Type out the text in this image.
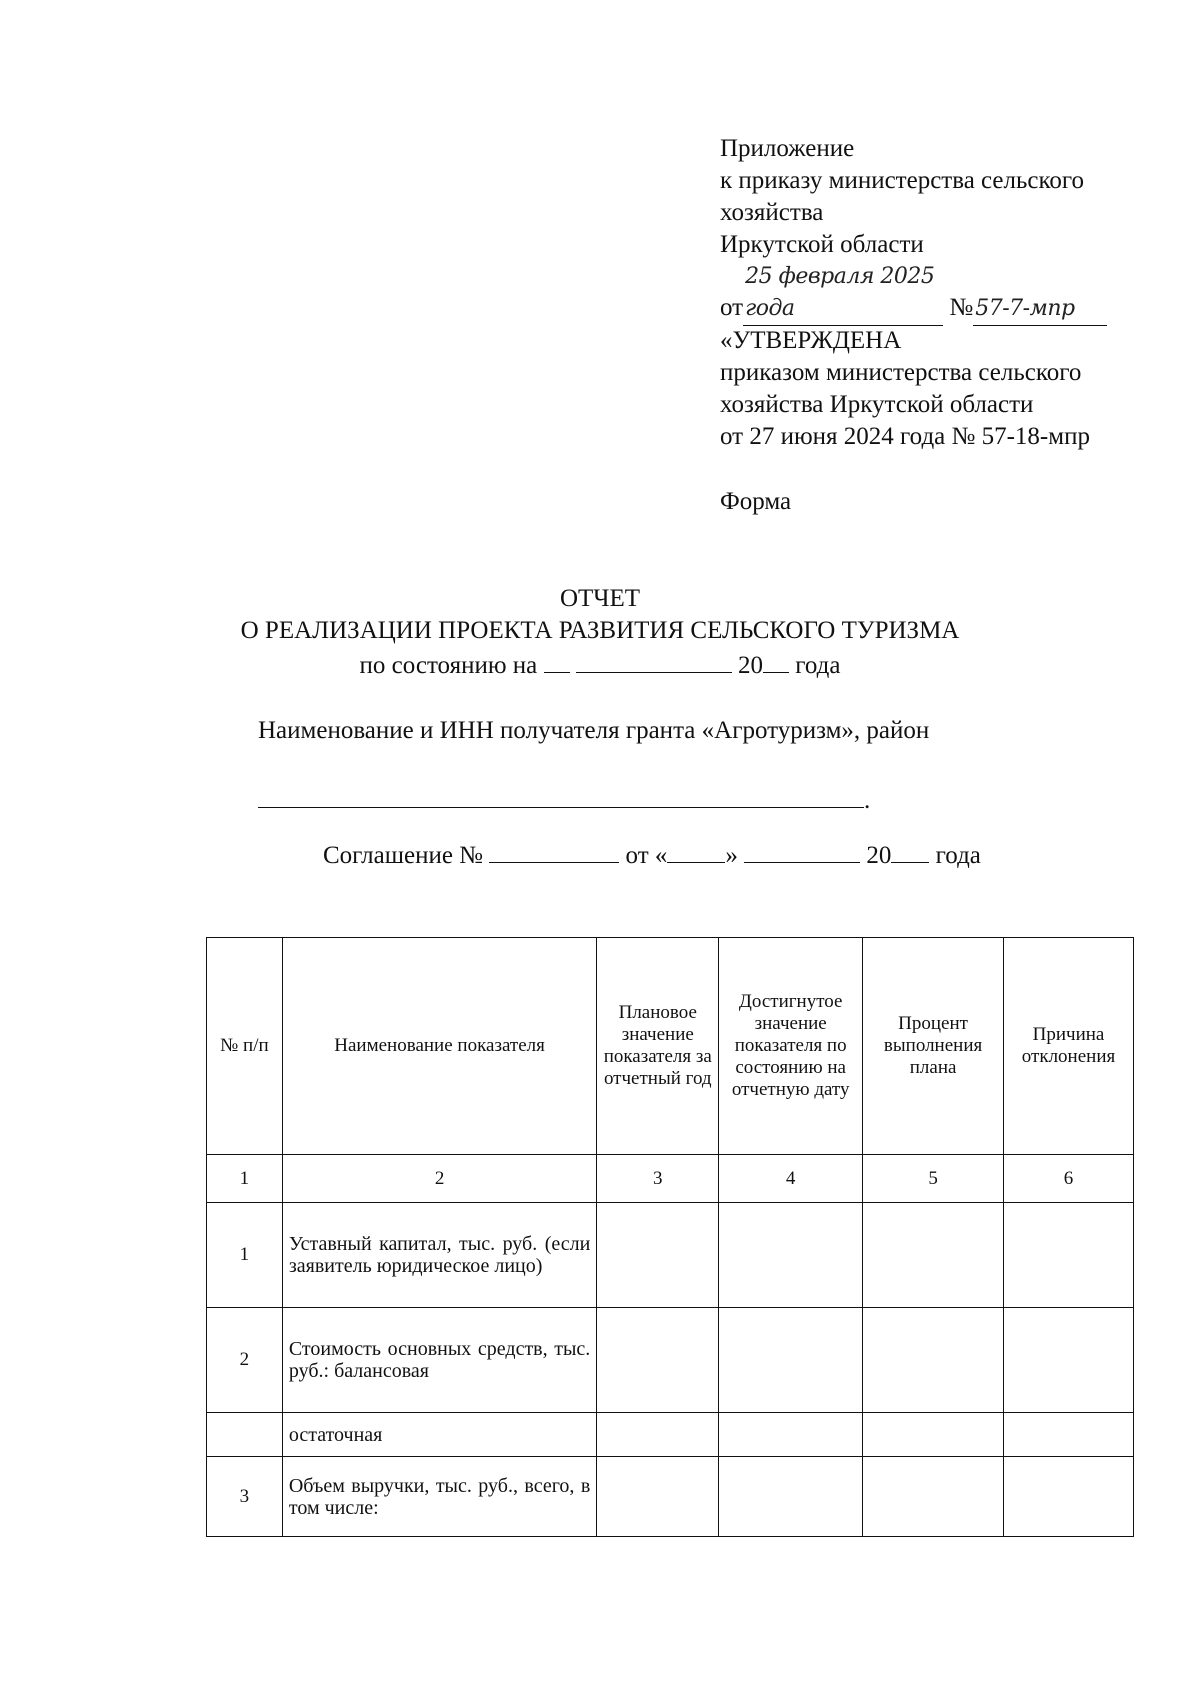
Приложение
к приказу министерства сельского
хозяйства
Иркутской области
от25 февраля 2025 года	№57-7-мпр
«УТВЕРЖДЕНА
приказом министерства сельского
хозяйства Иркутской области
от 27 июня 2024 года № 57-18-мпр
Форма
ОТЧЕТ
О РЕАЛИЗАЦИИ ПРОЕКТА РАЗВИТИЯ СЕЛЬСКОГО ТУРИЗМА
по состоянию на	20 года
Наименование и ИНН получателя гранта «Агротуризм», район
.
Соглашение №	от « »	20 года
№ п/п	Наименование показателя	Плановое значение показателя за отчетный год	Достигнутое значение показателя по состоянию на отчетную дату	Процент выполнения плана	Причина отклонения
1	2	3	4	5	6
1	Уставный капитал, тыс. руб. (если заявитель юридическое лицо)				
2	Стоимость основных средств, тыс. руб.: балансовая				
	остаточная				
3	Объем выручки, тыс. руб., всего, в том числе:				
